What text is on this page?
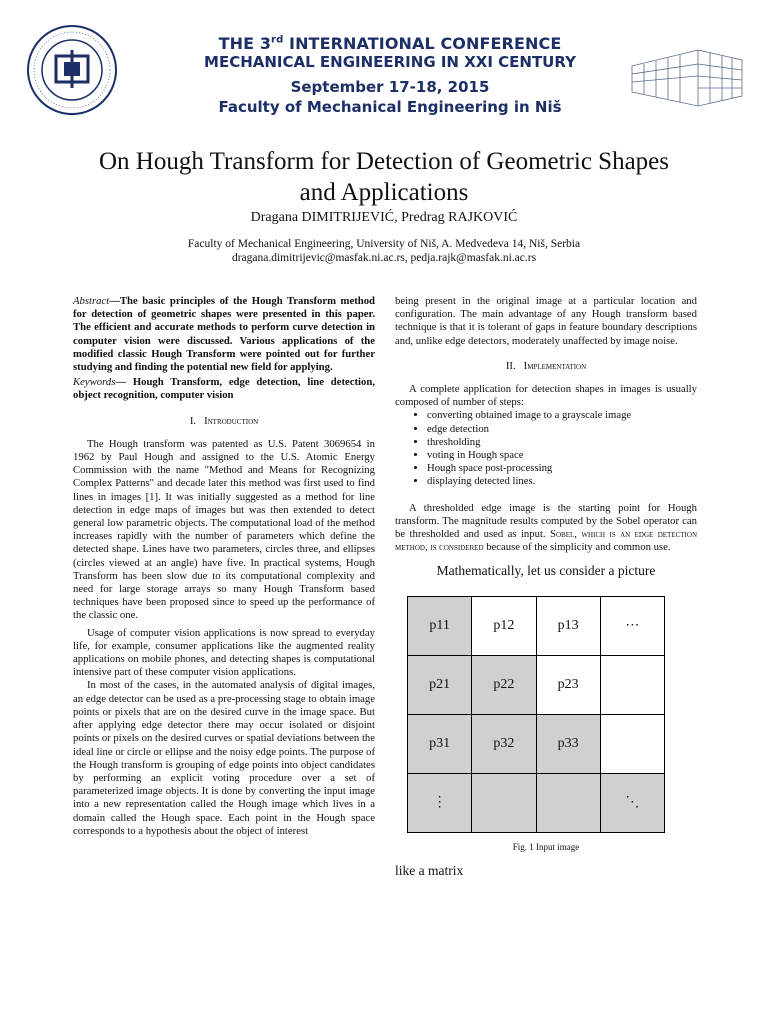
THE 3rd INTERNATIONAL CONFERENCE
MECHANICAL ENGINEERING IN XXI CENTURY
September 17-18, 2015
Faculty of Mechanical Engineering in Niš
On Hough Transform for Detection of Geometric Shapes
and Applications
Dragana DIMITRIJEVIĆ, Predrag RAJKOVIĆ
Faculty of Mechanical Engineering, University of Niš, A. Medvedeva 14, Niš, Serbia
dragana.dimitrijevic@masfak.ni.ac.rs, pedja.rajk@masfak.ni.ac.rs

Abstract—The basic principles of the Hough Transform method for detection of geometric shapes were presented in this paper. The efficient and accurate methods to perform curve detection in computer vision were discussed. Various applications of the modified classic Hough Transform were pointed out for further studying and finding the potential new field for applying.

Keywords— Hough Transform, edge detection, line detection, object recognition, computer vision

I. Introduction

The Hough transform was patented as U.S. Patent 3069654 in 1962 by Paul Hough and assigned to the U.S. Atomic Energy Commission with the name "Method and Means for Recognizing Complex Patterns" and decade later this method was first used to find lines in images [1]. It was initially suggested as a method for line detection in edge maps of images but was then extended to detect general low parametric objects. The computational load of the method increases rapidly with the number of parameters which define the detected shape. Lines have two parameters, circles three, and ellipses (circles viewed at an angle) have five. In practical systems, Hough Transform has been slow due to its computational complexity and need for large storage arrays so many Hough Transform based techniques have been proposed since to speed up the performance of the classic one.

Usage of computer vision applications is now spread to everyday life, for example, consumer applications like the augmented reality applications on mobile phones, and detecting shapes is computational intensive part of these computer vision applications.

In most of the cases, in the automated analysis of digital images, an edge detector can be used as a pre-processing stage to obtain image points or pixels that are on the desired curve in the image space. But after applying edge detector there may occur isolated or disjoint points or pixels on the desired curves or spatial deviations between the ideal line or circle or ellipse and the noisy edge points. The purpose of the Hough transform is grouping of edge points into object candidates by performing an explicit voting procedure over a set of parameterized image objects. It is done by converting the input image into a new representation called the Hough image which lives in a domain called the Hough space. Each point in the Hough space corresponds to a hypothesis about the object of interest

being present in the original image at a particular location and configuration. The main advantage of any Hough transform based technique is that it is tolerant of gaps in feature boundary descriptions and, unlike edge detectors, moderately unaffected by image noise.

II. Implementation

A complete application for detection shapes in images is usually composed of number of steps:

• converting obtained image to a grayscale image
• edge detection
• thresholding
• voting in Hough space
• Hough space post-processing
• displaying detected lines.

A thresholded edge image is the starting point for Hough transform. The magnitude results computed by the Sobel operator can be thresholded and used as input. Sobel, which is an edge detection method, is considered because of the simplicity and common use.

Mathematically, let us consider a picture
p11	p12	p13	⋯
p21	p22	p23	
p31	p32	p33	
⋮			⋱
Fig. 1 Input image
like a matrix
